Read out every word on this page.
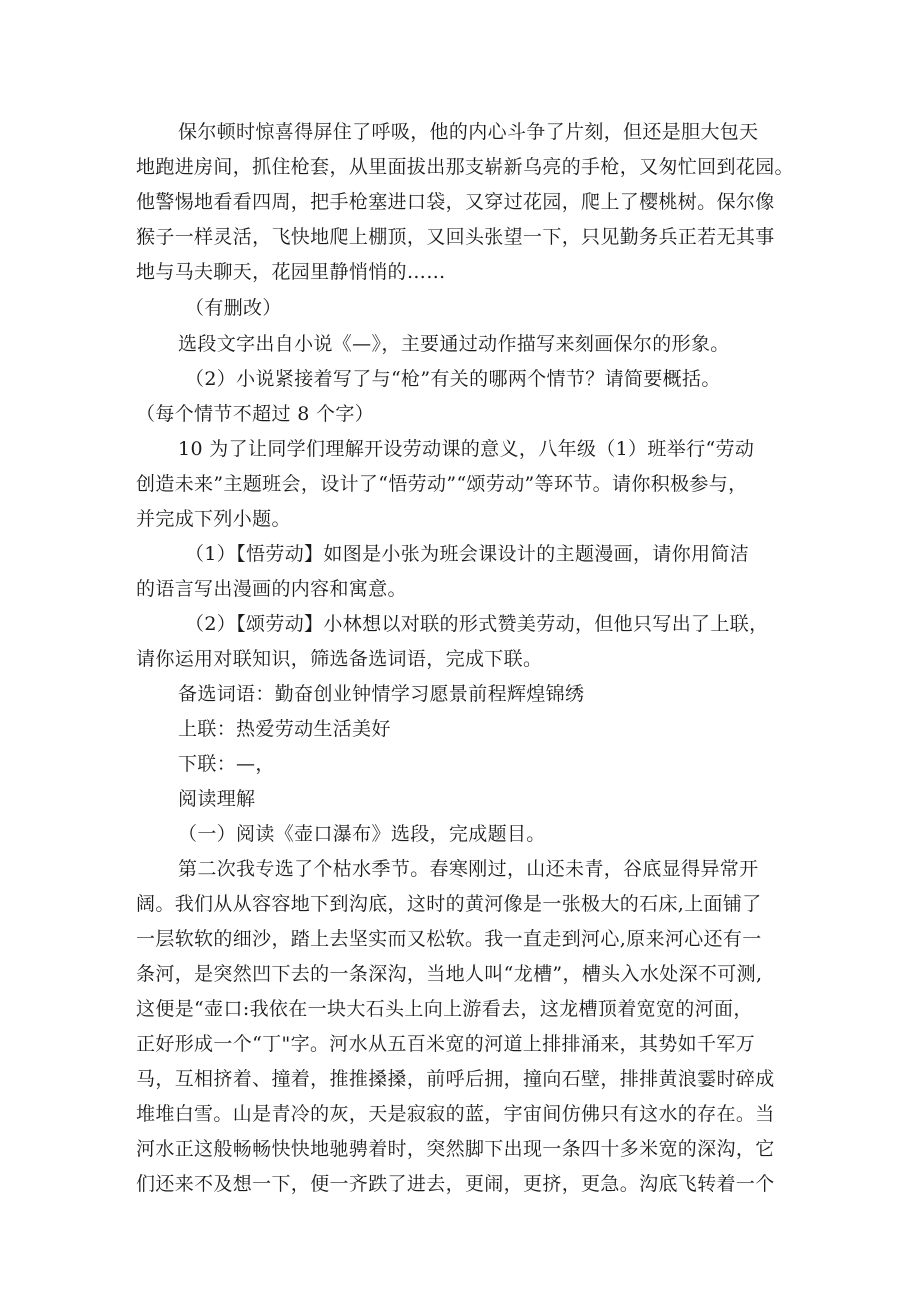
保尔顿时惊喜得屏住了呼吸，他的内心斗争了片刻，但还是胆大包天
地跑进房间，抓住枪套，从里面拔出那支崭新乌亮的手枪，又匆忙回到花园。
他警惕地看看四周，把手枪塞进口袋，又穿过花园，爬上了樱桃树。保尔像
猴子一样灵活，飞快地爬上棚顶，又回头张望一下，只见勤务兵正若无其事
地与马夫聊天，花园里静悄悄的……
（有删改）
选段文字出自小说《—》，主要通过动作描写来刻画保尔的形象。
（2）小说紧接着写了与“枪”有关的哪两个情节？请简要概括。
（每个情节不超过 8 个字）
10 为了让同学们理解开设劳动课的意义，八年级（1）班举行“劳动
创造未来”主题班会，设计了“悟劳动”“颂劳动”等环节。请你积极参与，
并完成下列小题。
（1）【悟劳动】如图是小张为班会课设计的主题漫画，请你用简洁
的语言写出漫画的内容和寓意。
（2）【颂劳动】小林想以对联的形式赞美劳动，但他只写出了上联，
请你运用对联知识，筛选备选词语，完成下联。
备选词语：勤奋创业钟情学习愿景前程辉煌锦绣
上联：热爱劳动生活美好
下联：—，
阅读理解
（一）阅读《壶口瀑布》选段，完成题目。
第二次我专选了个枯水季节。春寒刚过，山还未青，谷底显得异常开
阔。我们从从容容地下到沟底，这时的黄河像是一张极大的石床,上面铺了
一层软软的细沙，踏上去坚实而又松软。我一直走到河心,原来河心还有一
条河，是突然凹下去的一条深沟，当地人叫“龙槽”，槽头入水处深不可测,
这便是“壶口:我依在一块大石头上向上游看去，这龙槽顶着宽宽的河面，
正好形成一个“丁"字。河水从五百米宽的河道上排排涌来，其势如千军万
马，互相挤着、撞着，推推搡搡，前呼后拥，撞向石壁，排排黄浪霎时碎成
堆堆白雪。山是青冷的灰，天是寂寂的蓝，宇宙间仿佛只有这水的存在。当
河水正这般畅畅快快地驰骋着时，突然脚下出现一条四十多米宽的深沟，它
们还来不及想一下，便一齐跌了进去，更闹，更挤，更急。沟底飞转着一个
